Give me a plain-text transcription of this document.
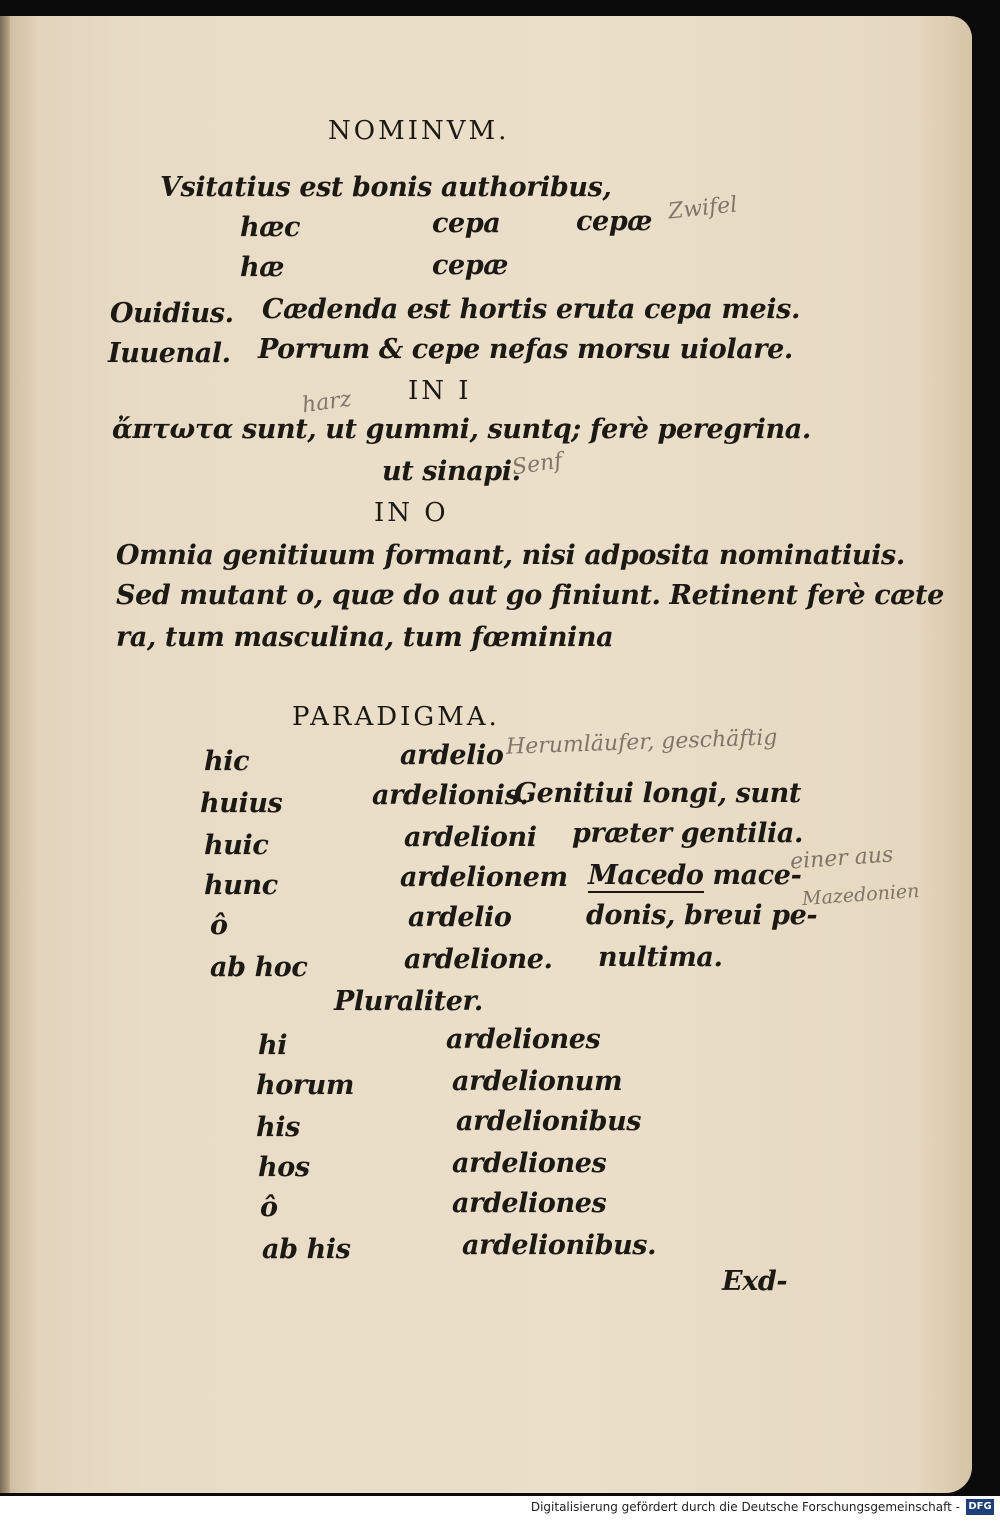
NOMINVM.
Vsitatius est bonis authoribus,
hæc	cepa	cepæ
hæ	cepæ
Zwifel
Ouidius. Cædenda est hortis eruta cepa meis.
Iuuenal. Porrum & cepe nefas morsu uiolare.
IN I
harz
ἄπτωτα sunt, ut gummi, suntq; ferè peregrina.
ut sinapi.
Senf
IN O
Omnia genitiuum formant, nisi adposita nominatiuis.
Sed mutant o, quæ do aut go finiunt. Retinent ferè cæte
ra, tum masculina, tum fœminina
PARADIGMA.
Herumläufer, geschäftig
hic	ardelio
huius	ardelionis.
Genitiui longi, sunt
huic	ardelioni præter gentilia.
hunc	ardelionem Macedo mace-
einer aus
Mazedonien
ô	ardelio	donis, breui pe-
ab hoc	ardelione. nultima.
Pluraliter.
hi	ardeliones
horum	ardelionum
his	ardelionibus
hos	ardeliones
ô	ardeliones
ab his	ardelionibus.
Exd-
Digitalisierung gefördert durch die Deutsche Forschungsgemeinschaft - DFG
